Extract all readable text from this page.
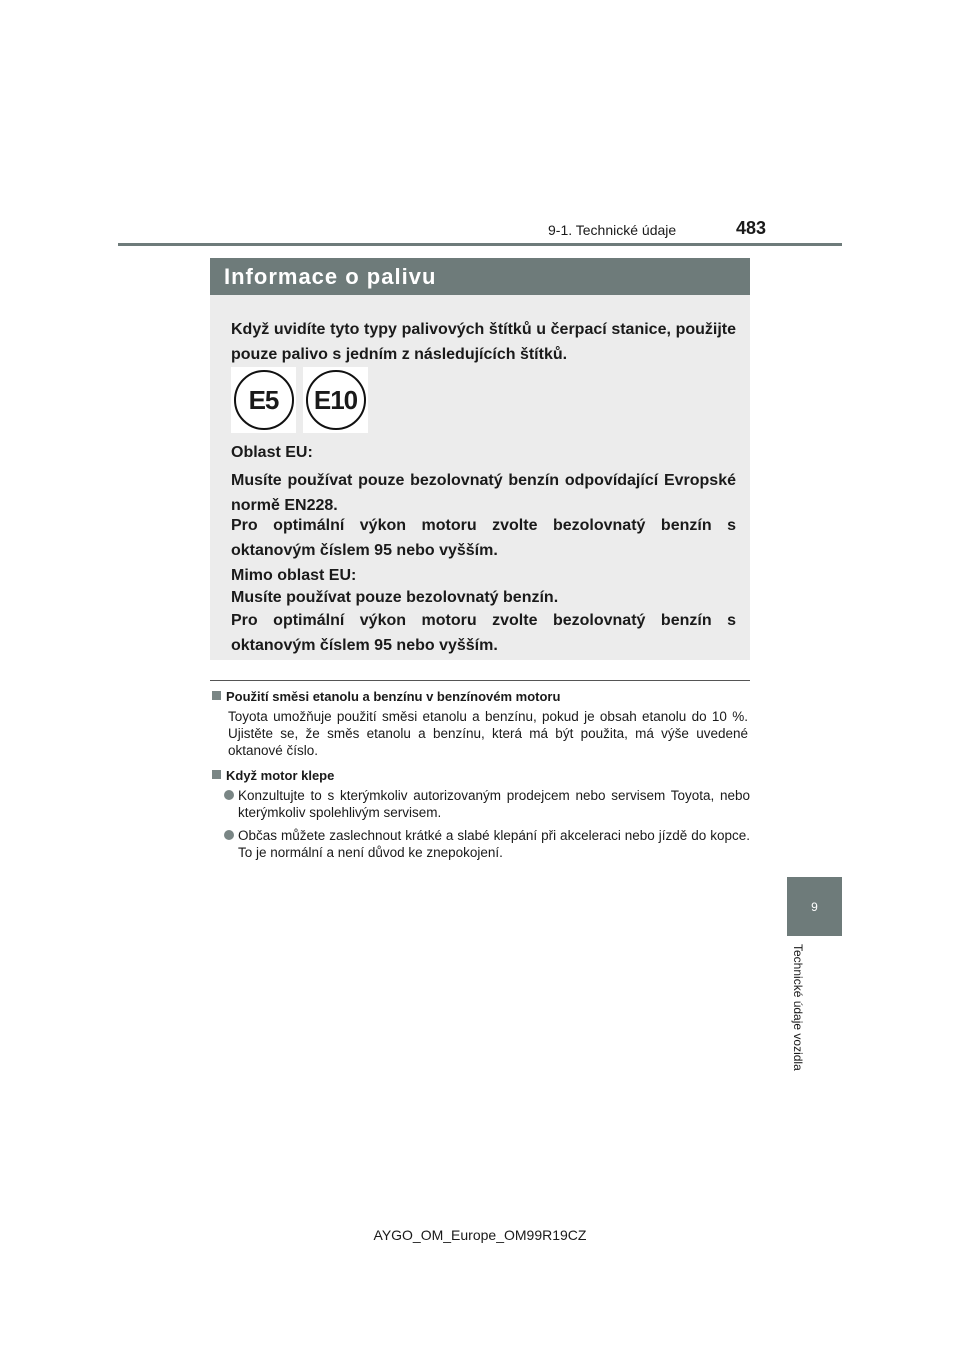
9-1. Technické údaje	483
9
Technické údaje vozidla
Informace o palivu

Když uvidíte tyto typy palivových štítků u čerpací stanice, použijte pouze palivo s jedním z následujících štítků.

E5	E10

Oblast EU:

Musíte používat pouze bezolovnatý benzín odpovídající Evropské normě EN228.

Pro optimální výkon motoru zvolte bezolovnatý benzín s oktanovým číslem 95 nebo vyšším.

Mimo oblast EU:

Musíte používat pouze bezolovnatý benzín.

Pro optimální výkon motoru zvolte bezolovnatý benzín s oktanovým číslem 95 nebo vyšším.

Použití směsi etanolu a benzínu v benzínovém motoru
Toyota umožňuje použití směsi etanolu a benzínu, pokud je obsah etanolu do 10 %. Ujistěte se, že směs etanolu a benzínu, která má být použita, má výše uvedené oktanové číslo.
Když motor klepe
Konzultujte to s kterýmkoliv autorizovaným prodejcem nebo servisem Toyota, nebo kterýmkoliv spolehlivým servisem.
Občas můžete zaslechnout krátké a slabé klepání při akceleraci nebo jízdě do kopce. To je normální a není důvod ke znepokojení.
AYGO_OM_Europe_OM99R19CZ
